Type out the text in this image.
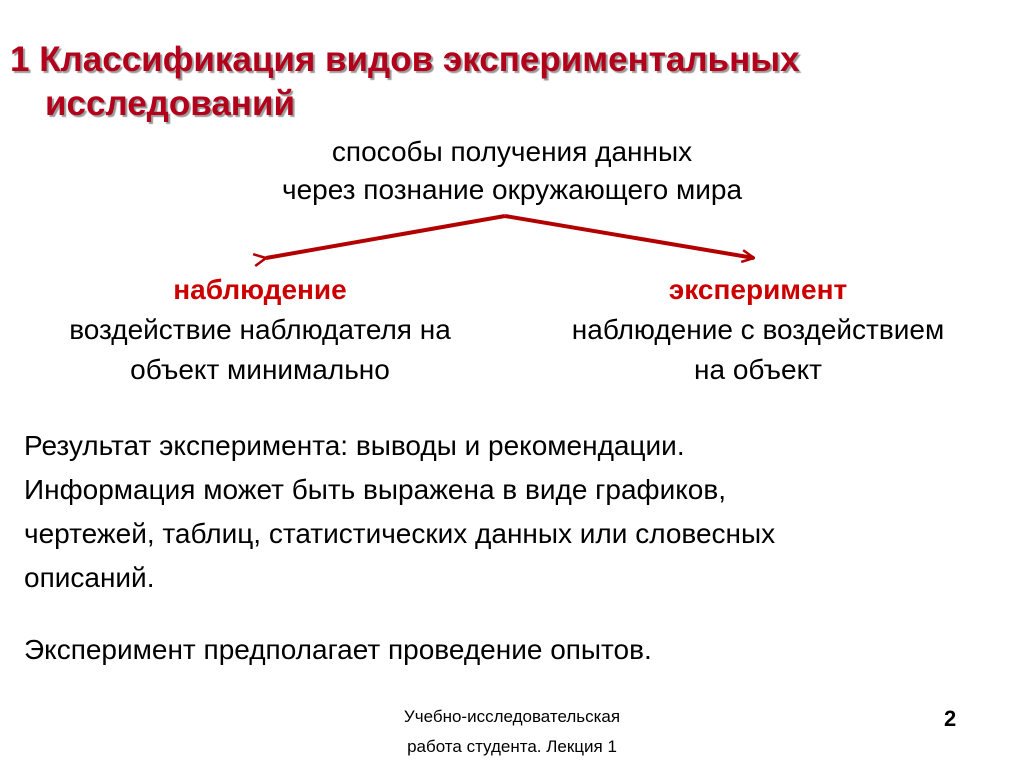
1 Классификация видов экспериментальных
исследований
способы получения данных
через познание окружающего мира
наблюдение
воздействие наблюдателя на
объект минимально
эксперимент
наблюдение с воздействием
на объект
Результат эксперимента: выводы и рекомендации.
Информация может быть выражена в виде графиков,
чертежей, таблиц, статистических данных или словесных
описаний.
Эксперимент предполагает проведение опытов.
Учебно-исследовательская
работа студента. Лекция 1
2
